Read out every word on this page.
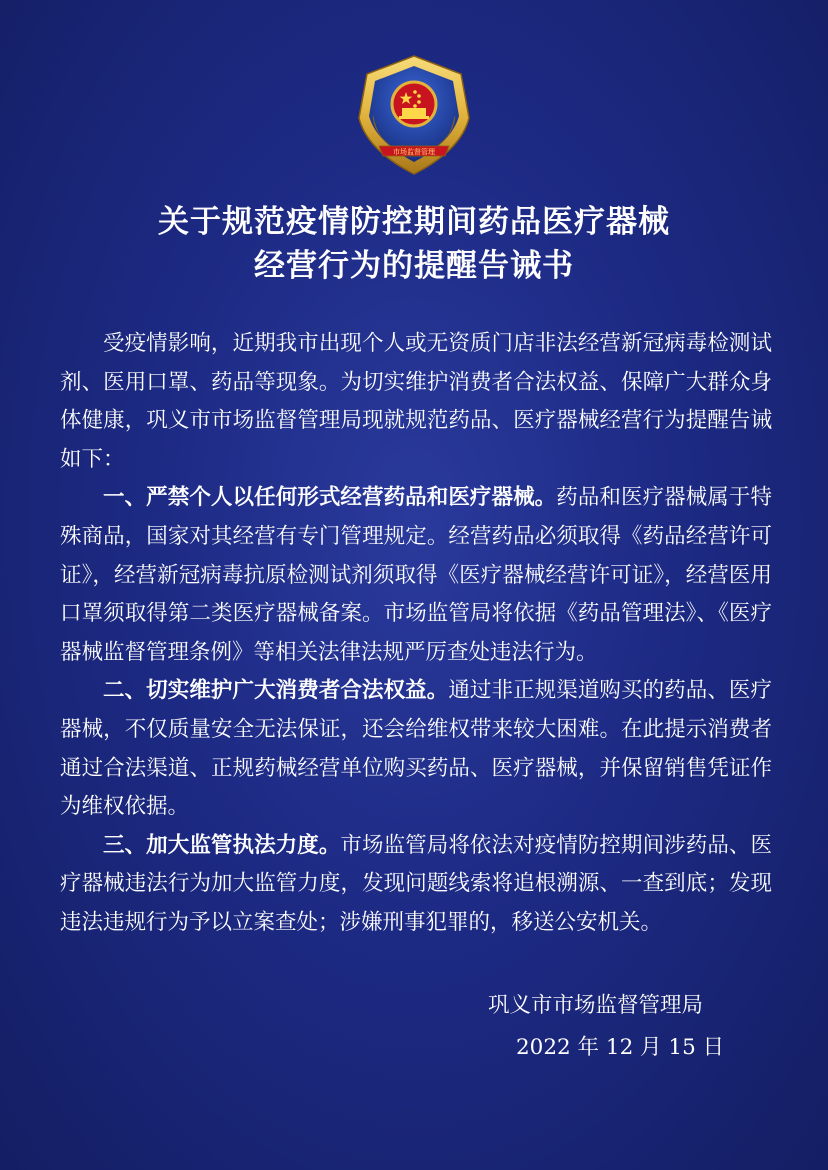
市场监督管理
关于规范疫情防控期间药品医疗器械
经营行为的提醒告诫书

受疫情影响，近期我市出现个人或无资质门店非法经营新冠病毒检测试剂、医用口罩、药品等现象。为切实维护消费者合法权益、保障广大群众身体健康，巩义市市场监督管理局现就规范药品、医疗器械经营行为提醒告诫如下：

一、严禁个人以任何形式经营药品和医疗器械。药品和医疗器械属于特殊商品，国家对其经营有专门管理规定。经营药品必须取得《药品经营许可证》，经营新冠病毒抗原检测试剂须取得《医疗器械经营许可证》，经营医用口罩须取得第二类医疗器械备案。市场监管局将依据《药品管理法》、《医疗器械监督管理条例》等相关法律法规严厉查处违法行为。

二、切实维护广大消费者合法权益。通过非正规渠道购买的药品、医疗器械，不仅质量安全无法保证，还会给维权带来较大困难。在此提示消费者通过合法渠道、正规药械经营单位购买药品、医疗器械，并保留销售凭证作为维权依据。

三、加大监管执法力度。市场监管局将依法对疫情防控期间涉药品、医疗器械违法行为加大监管力度，发现问题线索将追根溯源、一查到底；发现违法违规行为予以立案查处；涉嫌刑事犯罪的，移送公安机关。

巩义市市场监督管理局
2022 年 12 月 15 日
